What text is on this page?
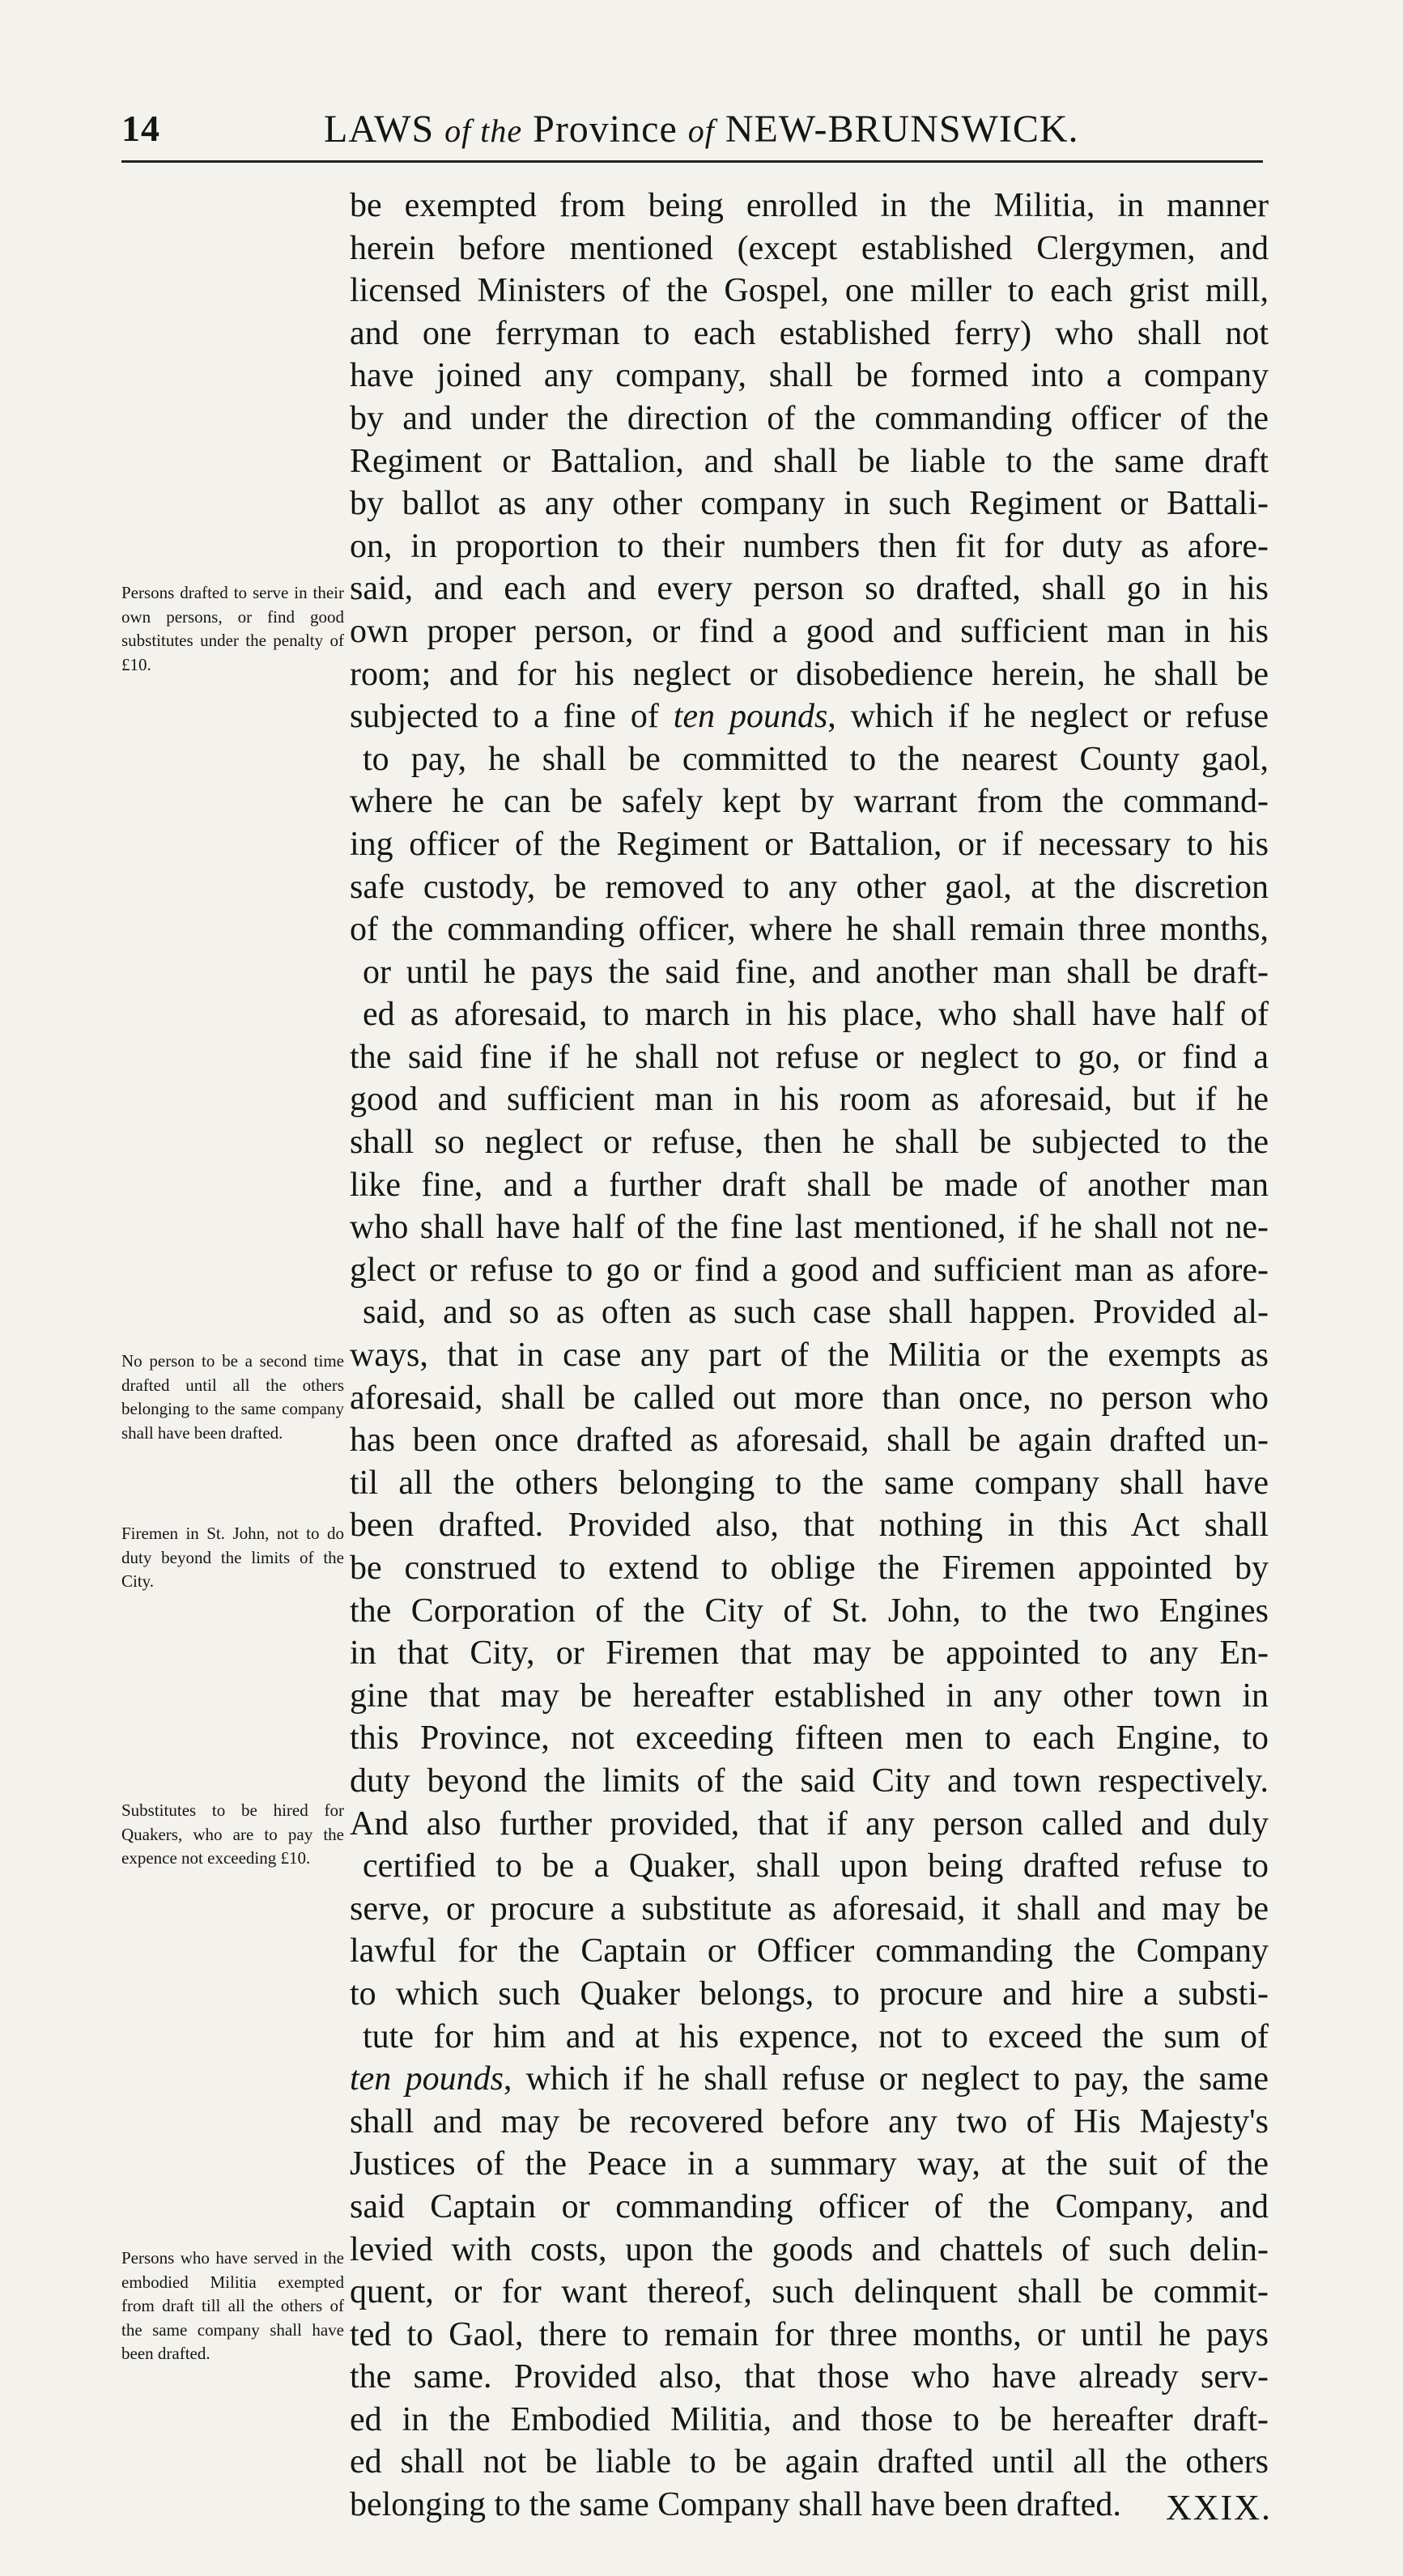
14	LAWS of the Province of NEW-BRUNSWICK.
be exempted from being enrolled in the Militia, in manner
herein before mentioned (except established Clergymen, and
licensed Ministers of the Gospel, one miller to each grist mill,
and one ferryman to each established ferry) who shall not
have joined any company, shall be formed into a company
by and under the direction of the commanding officer of the
Regiment or Battalion, and shall be liable to the same draft
by ballot as any other company in such Regiment or Battali-
on, in proportion to their numbers then fit for duty as afore-
said, and each and every person so drafted, shall go in his
own proper person, or find a good and sufficient man in his
room; and for his neglect or disobedience herein, he shall be
subjected to a fine of ten pounds, which if he neglect or refuse
to pay, he shall be committed to the nearest County gaol,
where he can be safely kept by warrant from the command-
ing officer of the Regiment or Battalion, or if necessary to his
safe custody, be removed to any other gaol, at the discretion
of the commanding officer, where he shall remain three months,
or until he pays the said fine, and another man shall be draft-
ed as aforesaid, to march in his place, who shall have half of
the said fine if he shall not refuse or neglect to go, or find a
good and sufficient man in his room as aforesaid, but if he
shall so neglect or refuse, then he shall be subjected to the
like fine, and a further draft shall be made of another man
who shall have half of the fine last mentioned, if he shall not ne-
glect or refuse to go or find a good and sufficient man as afore-
said, and so as often as such case shall happen. Provided al-
ways, that in case any part of the Militia or the exempts as
aforesaid, shall be called out more than once, no person who
has been once drafted as aforesaid, shall be again drafted un-
til all the others belonging to the same company shall have
been drafted. Provided also, that nothing in this Act shall
be construed to extend to oblige the Firemen appointed by
the Corporation of the City of St. John, to the two Engines
in that City, or Firemen that may be appointed to any En-
gine that may be hereafter established in any other town in
this Province, not exceeding fifteen men to each Engine, to
duty beyond the limits of the said City and town respectively.
And also further provided, that if any person called and duly
certified to be a Quaker, shall upon being drafted refuse to
serve, or procure a substitute as aforesaid, it shall and may be
lawful for the Captain or Officer commanding the Company
to which such Quaker belongs, to procure and hire a substi-
tute for him and at his expence, not to exceed the sum of
ten pounds, which if he shall refuse or neglect to pay, the same
shall and may be recovered before any two of His Majesty's
Justices of the Peace in a summary way, at the suit of the
said Captain or commanding officer of the Company, and
levied with costs, upon the goods and chattels of such delin-
quent, or for want thereof, such delinquent shall be commit-
ted to Gaol, there to remain for three months, or until he pays
the same. Provided also, that those who have already serv-
ed in the Embodied Militia, and those to be hereafter draft-
ed shall not be liable to be again drafted until all the others
belonging to the same Company shall have been drafted.
Persons drafted to serve in their own persons, or find good substitutes under the penalty of £10.
No person to be a second time drafted until all the others belonging to the same company shall have been drafted.
Firemen in St. John, not to do duty beyond the limits of the City.
Substitutes to be hired for Quakers, who are to pay the expence not exceeding £10.
Persons who have served in the embodied Militia exempted from draft till all the others of the same company shall have been drafted.
XXIX.
